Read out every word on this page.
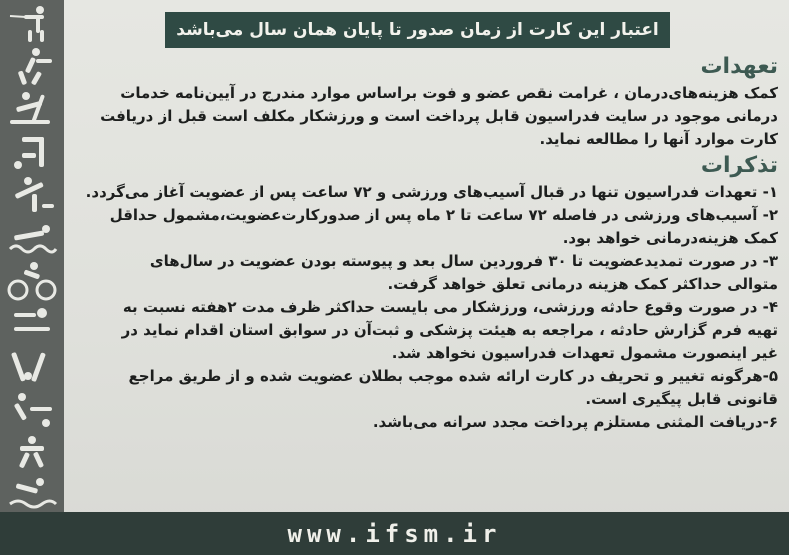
اعتبار این کارت از زمان صدور تا پایان همان سال می‌باشد
تعهدات

کمک هزینه‌های‌درمان ، غرامت نقص عضو و فوت براساس موارد مندرج در آیین‌نامه خدمات

درمانی موجود در سایت فدراسیون قابل پرداخت است و ورزشکار مکلف است قبل از دریافت

کارت موارد آنها را مطالعه نماید.

تذکرات
۱- تعهدات فدراسیون تنها در قبال آسیب‌های ورزشی و ۷۲ ساعت پس از عضویت آغاز می‌گردد.
۲- آسیب‌های ورزشی در فاصله ۷۲ ساعت تا ۲ ماه پس از صدورکارت‌عضویت،مشمول حداقل
کمک هزینه‌درمانی خواهد بود.
۳- در صورت تمدیدعضویت تا ۳۰ فروردین سال بعد و پیوسته بودن عضویت در سال‌های
متوالی حداکثر کمک هزینه درمانی تعلق خواهد گرفت.
۴- در صورت وقوع حادثه ورزشی، ورزشکار می بایست حداکثر ظرف مدت ۲هفته نسبت به
تهیه فرم گزارش حادثه ، مراجعه به هیئت پزشکی و ثبت‌آن در سوابق استان اقدام نماید در
غیر اینصورت مشمول تعهدات فدراسیون نخواهد شد.
۵-هرگونه تغییر و تحریف در کارت ارائه شده موجب بطلان عضویت شده و از طریق مراجع
قانونی قابل پیگیری است.
۶-دریافت المثنی مستلزم پرداخت مجدد سرانه می‌باشد.
www.ifsm.ir
